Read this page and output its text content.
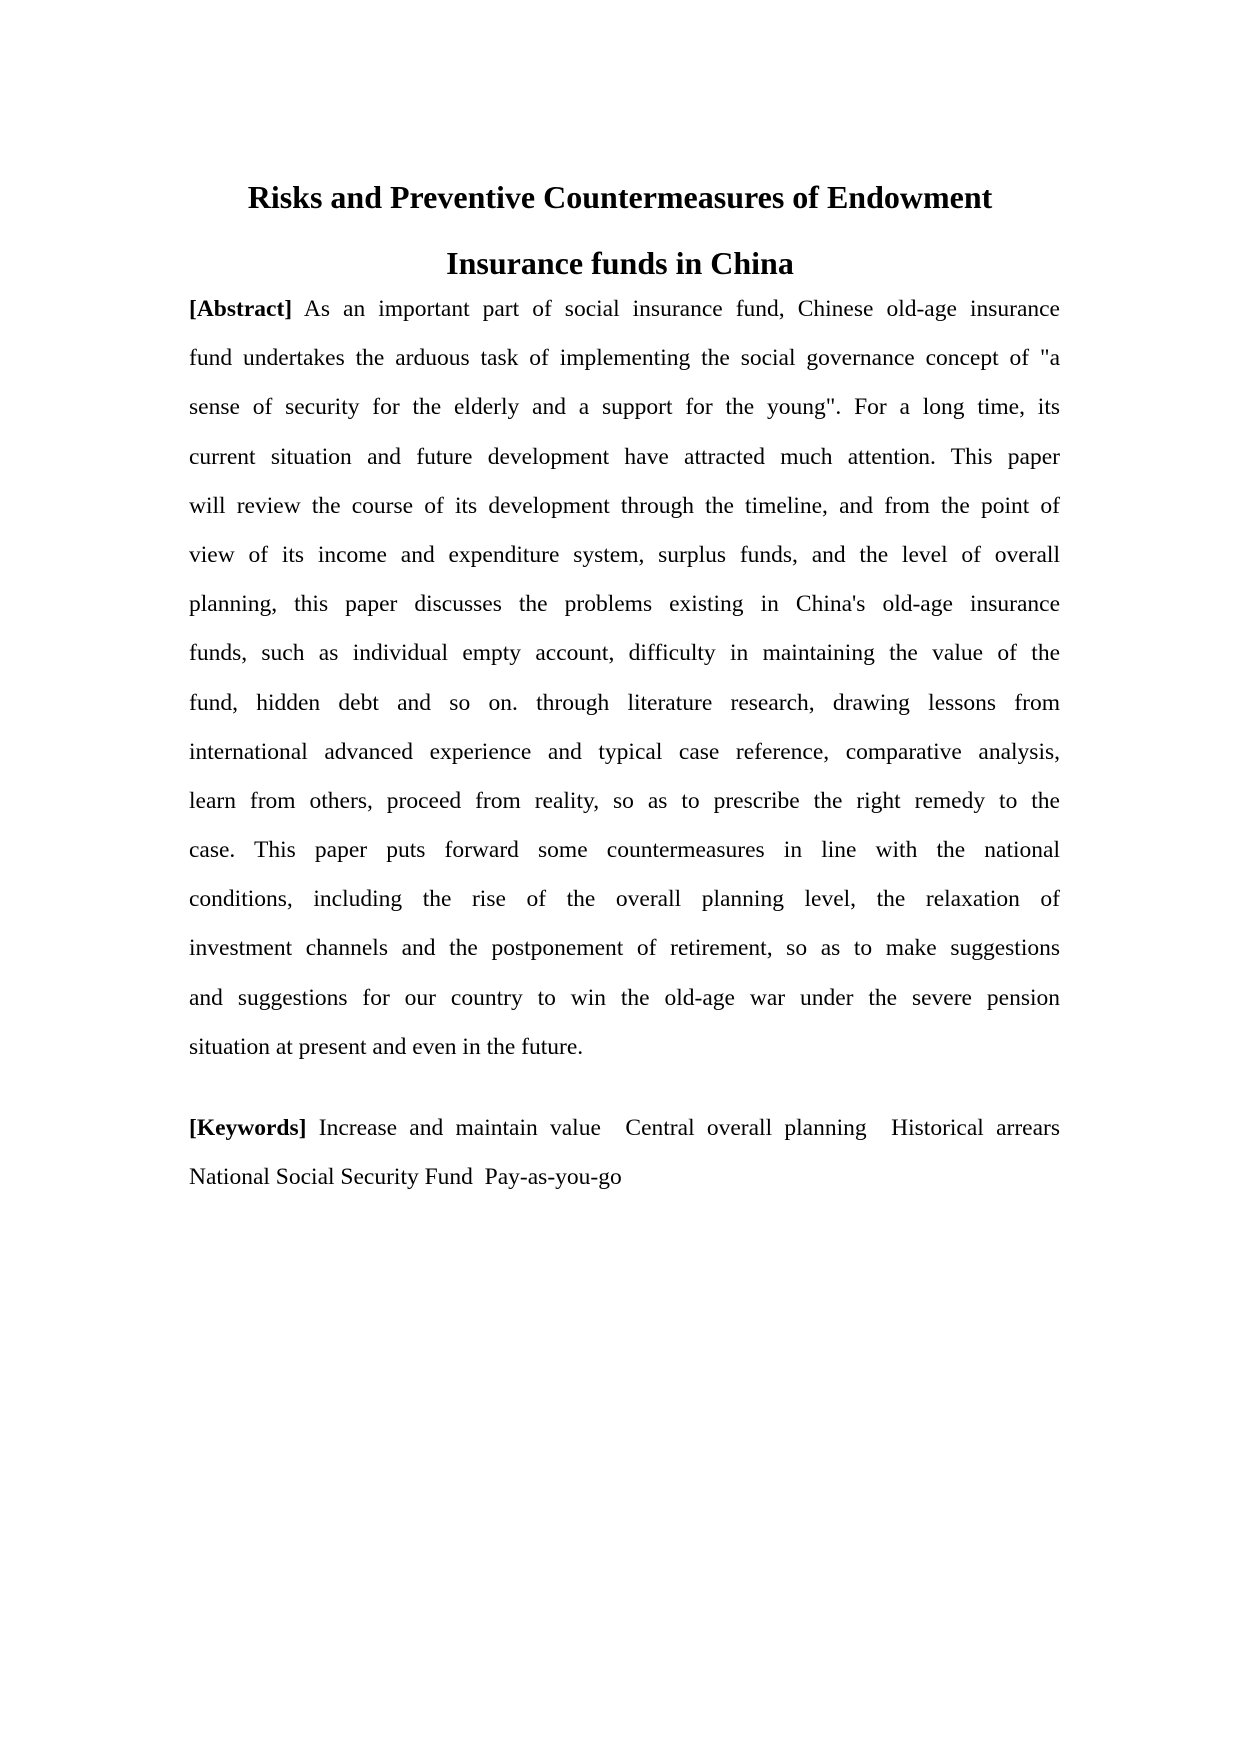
Risks and Preventive Countermeasures of Endowment
Insurance funds in China
[Abstract] As an important part of social insurance fund, Chinese old-age insurance
fund undertakes the arduous task of implementing the social governance concept of "a
sense of security for the elderly and a support for the young". For a long time, its
current situation and future development have attracted much attention. This paper
will review the course of its development through the timeline, and from the point of
view of its income and expenditure system, surplus funds, and the level of overall
planning, this paper discusses the problems existing in China's old-age insurance
funds, such as individual empty account, difficulty in maintaining the value of the
fund, hidden debt and so on. through literature research, drawing lessons from
international advanced experience and typical case reference, comparative analysis,
learn from others, proceed from reality, so as to prescribe the right remedy to the
case. This paper puts forward some countermeasures in line with the national
conditions, including the rise of the overall planning level, the relaxation of
investment channels and the postponement of retirement, so as to make suggestions
and suggestions for our country to win the old-age war under the severe pension
situation at present and even in the future.
[Keywords] Increase and maintain value  Central overall planning  Historical arrears
National Social Security Fund  Pay-as-you-go
